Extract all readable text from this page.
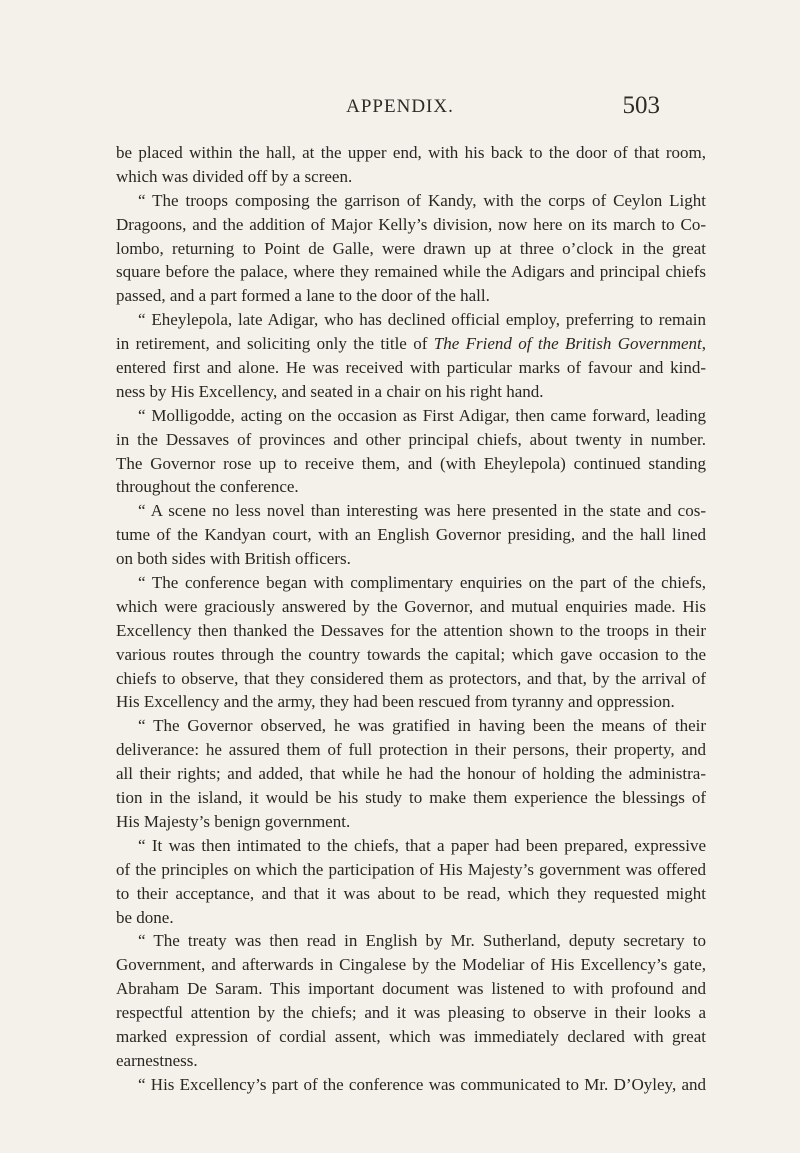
APPENDIX.	503
be placed within the hall, at the upper end, with his back to the door of that room,
which was divided off by a screen.
“ The troops composing the garrison of Kandy, with the corps of Ceylon Light
Dragoons, and the addition of Major Kelly’s division, now here on its march to Co-
lombo, returning to Point de Galle, were drawn up at three o’clock in the great
square before the palace, where they remained while the Adigars and principal chiefs
passed, and a part formed a lane to the door of the hall.
“ Eheylepola, late Adigar, who has declined official employ, preferring to remain
in retirement, and soliciting only the title of The Friend of the British Government,
entered first and alone. He was received with particular marks of favour and kind-
ness by His Excellency, and seated in a chair on his right hand.
“ Molligodde, acting on the occasion as First Adigar, then came forward, leading
in the Dessaves of provinces and other principal chiefs, about twenty in number.
The Governor rose up to receive them, and (with Eheylepola) continued standing
throughout the conference.
“ A scene no less novel than interesting was here presented in the state and cos-
tume of the Kandyan court, with an English Governor presiding, and the hall lined
on both sides with British officers.
“ The conference began with complimentary enquiries on the part of the chiefs,
which were graciously answered by the Governor, and mutual enquiries made. His
Excellency then thanked the Dessaves for the attention shown to the troops in their
various routes through the country towards the capital; which gave occasion to the
chiefs to observe, that they considered them as protectors, and that, by the arrival of
His Excellency and the army, they had been rescued from tyranny and oppression.
“ The Governor observed, he was gratified in having been the means of their
deliverance: he assured them of full protection in their persons, their property, and
all their rights; and added, that while he had the honour of holding the administra-
tion in the island, it would be his study to make them experience the blessings of
His Majesty’s benign government.
“ It was then intimated to the chiefs, that a paper had been prepared, expressive
of the principles on which the participation of His Majesty’s government was offered
to their acceptance, and that it was about to be read, which they requested might
be done.
“ The treaty was then read in English by Mr. Sutherland, deputy secretary to
Government, and afterwards in Cingalese by the Modeliar of His Excellency’s gate,
Abraham De Saram. This important document was listened to with profound and
respectful attention by the chiefs; and it was pleasing to observe in their looks a
marked expression of cordial assent, which was immediately declared with great
earnestness.
“ His Excellency’s part of the conference was communicated to Mr. D’Oyley, and
